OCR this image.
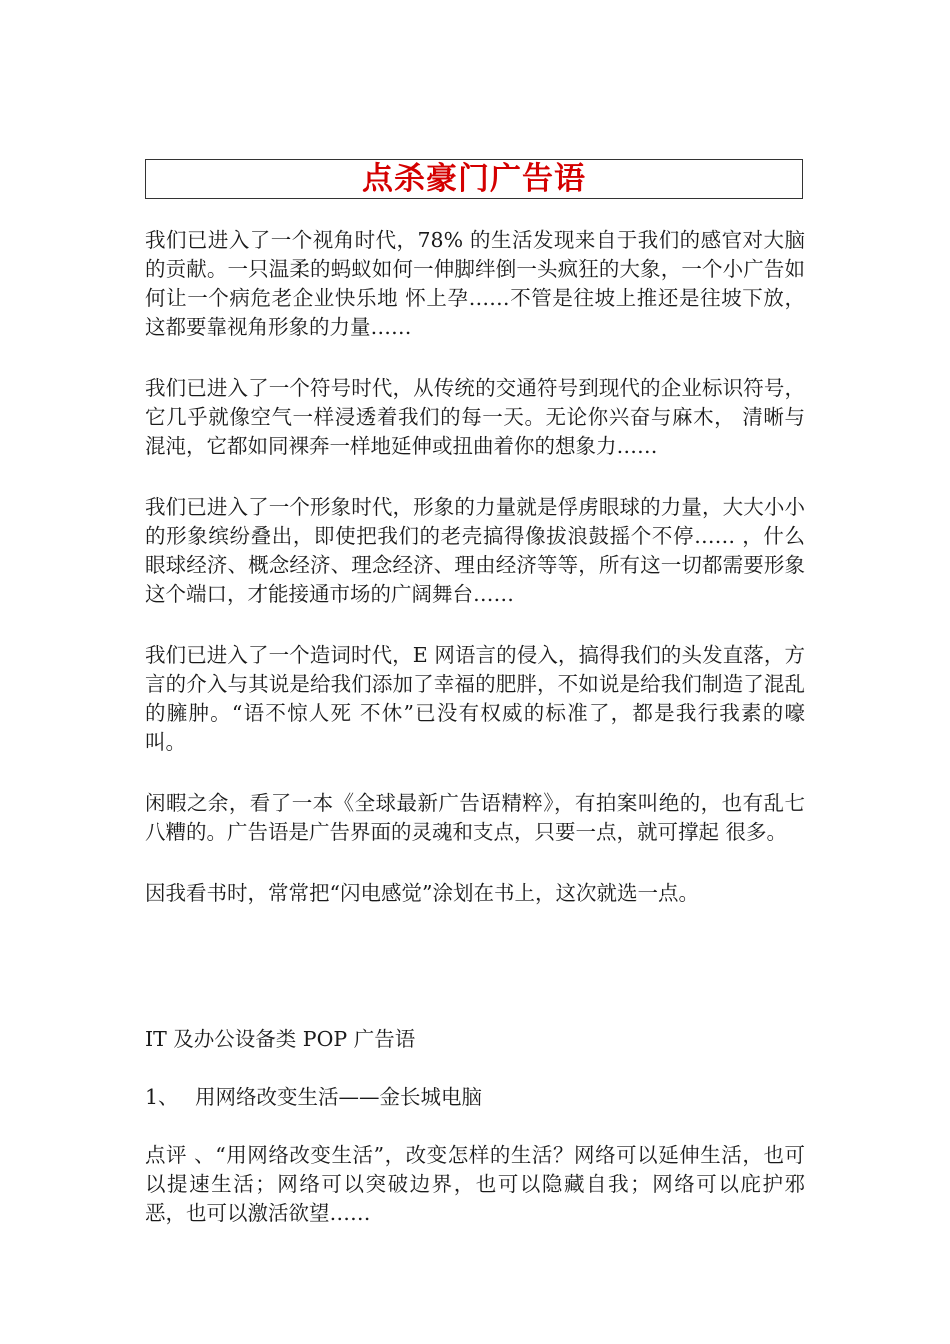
点杀豪门广告语

我们已进入了一个视角时代，78% 的生活发现来自于我们的感官对大脑的贡献。一只温柔的蚂蚁如何一伸脚绊倒一头疯狂的大象，一个小广告如何让一个病危老企业快乐地 怀上孕……不管是往坡上推还是往坡下放，这都要靠视角形象的力量……

我们已进入了一个符号时代，从传统的交通符号到现代的企业标识符号，它几乎就像空气一样浸透着我们的每一天。无论你兴奋与麻木， 清晰与混沌，它都如同裸奔一样地延伸或扭曲着你的想象力……

我们已进入了一个形象时代，形象的力量就是俘虏眼球的力量，大大小小的形象缤纷叠出，即使把我们的老壳搞得像拔浪鼓摇个不停…… ，什么眼球经济、概念经济、理念经济、理由经济等等，所有这一切都需要形象这个端口，才能接通市场的广阔舞台……

我们已进入了一个造词时代，E 网语言的侵入，搞得我们的头发直落，方言的介入与其说是给我们添加了幸福的肥胖，不如说是给我们制造了混乱的臃肿。“语不惊人死 不休”已没有权威的标准了，都是我行我素的嚎叫。

闲暇之余，看了一本《全球最新广告语精粹》，有拍案叫绝的，也有乱七八糟的。广告语是广告界面的灵魂和支点，只要一点，就可撑起 很多。

因我看书时，常常把“闪电感觉”涂划在书上，这次就选一点。

IT 及办公设备类 POP 广告语

1、 用网络改变生活——金长城电脑

点评 、“用网络改变生活”，改变怎样的生活？网络可以延伸生活，也可以提速生活；网络可以突破边界，也可以隐藏自我；网络可以庇护邪 恶，也可以激活欲望……
